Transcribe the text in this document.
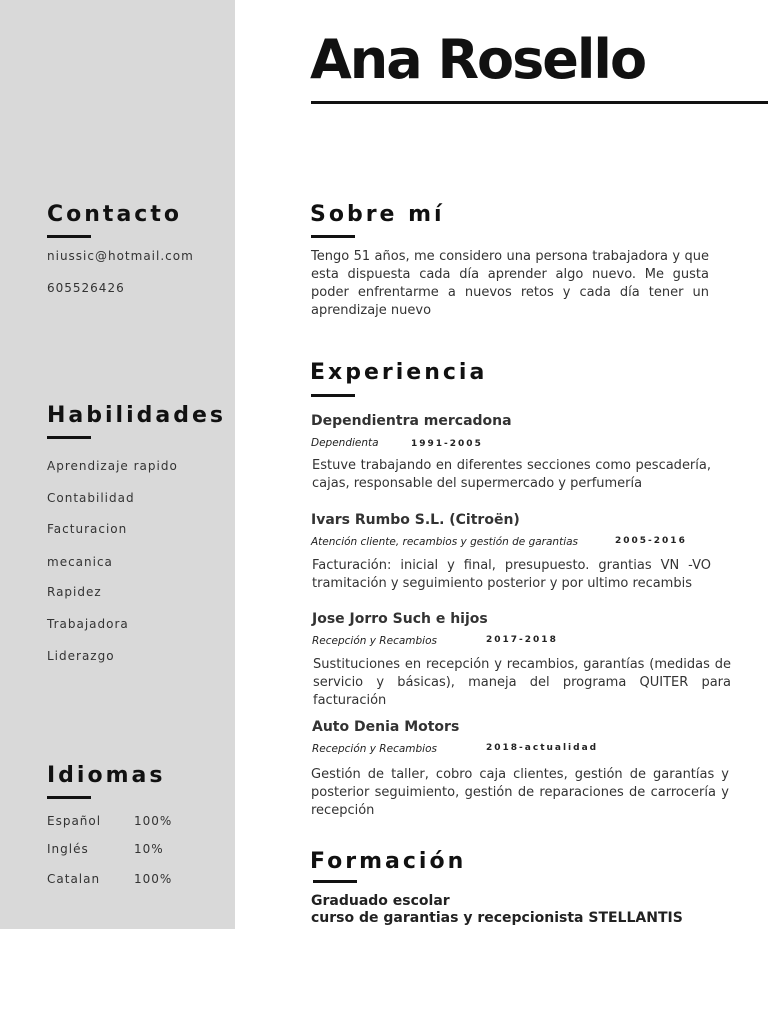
Ana Rosello
Contacto
niussic@hotmail.com
605526426
Habilidades
Aprendizaje rapido
Contabilidad
Facturacion
mecanica
Rapidez
Trabajadora
Liderazgo
Idiomas
Español	100%
Inglés	10%
Catalan	100%
Sobre mí
Tengo 51 años, me considero una persona trabajadora y que esta dispuesta cada día aprender algo nuevo. Me gusta poder enfrentarme a nuevos retos y cada día tener un aprendizaje nuevo
Experiencia
Dependientra mercadona
Dependienta	1991-2005
Estuve trabajando en diferentes secciones como pescadería, cajas, responsable del supermercado y perfumería
Ivars Rumbo S.L. (Citroën)
Atención cliente, recambios y gestión de garantias	2005-2016
Facturación: inicial y final, presupuesto. grantias VN -VO tramitación y seguimiento posterior y por ultimo recambis
Jose Jorro Such e hijos
Recepción y Recambios	2017-2018
Sustituciones en recepción y recambios, garantías (medidas de servicio y básicas), maneja del programa QUITER para facturación
Auto Denia Motors
Recepción y Recambios	2018-actualidad
Gestión de taller, cobro caja clientes, gestión de garantías y posterior seguimiento, gestión de reparaciones de carrocería y recepción
Formación
Graduado escolar
curso de garantias y recepcionista STELLANTIS
